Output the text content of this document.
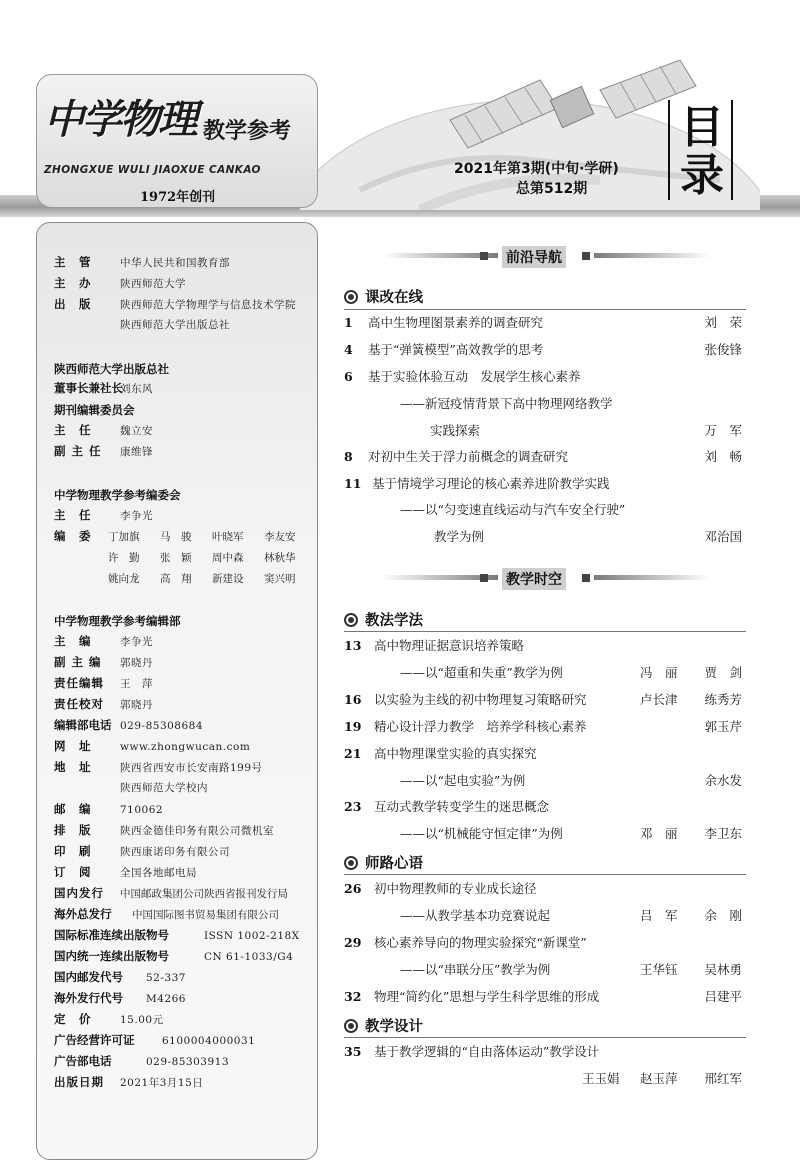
中学物理 教学参考
ZHONGXUE WULI JIAOXUE CANKAO
1972年创刊
2021年第3期(中旬·学研)
总第512期
目
录
主　管	中华人民共和国教育部
主　办	陕西师范大学
出　版	陕西师范大学物理学与信息技术学院
陕西师范大学出版总社
陕西师范大学出版总社
董事长兼社长刘东风
期刊编辑委员会
主　任	魏立安
副 主 任 康维锋
中学物理教学参考编委会
主　任	李争光
编　委	丁加旗 马　骏 叶晓军 李友安
许　勤 张　颖 周中森 林秋华
姚向龙 高　翔 新建设 窦兴明
中学物理教学参考编辑部
主　编	李争光
副 主 编 郭晓丹
责任编辑 王　萍
责任校对 郭晓丹
编辑部电话 029-85308684
网　址	www.zhongwucan.com
地　址	陕西省西安市长安南路199号
陕西师范大学校内
邮　编	710062
排　版	陕西金德佳印务有限公司微机室
印　刷	陕西康诺印务有限公司
订　阅	全国各地邮电局
国内发行 中国邮政集团公司陕西省报刊发行局
海外总发行 中国国际图书贸易集团有限公司
国际标准连续出版物号	ISSN 1002-218X
国内统一连续出版物号	CN 61-1033/G4
国内邮发代号 52-337
海外发行代号 M4266
定　价	15.00元
广告经营许可证	6100004000031
广告部电话	029-85303913
出版日期 2021年3月15日
前沿导航
课改在线
1 高中生物理图景素养的调查研究	刘　荣
4 基于“弹簧模型”高效教学的思考	张俊锋
6 基于实验体验互动　发展学生核心素养
——新冠疫情背景下高中物理网络教学
实践探索	万　军
8 对初中生关于浮力前概念的调查研究	刘　畅
11 基于情境学习理论的核心素养进阶教学实践
——以“匀变速直线运动与汽车安全行驶”
教学为例	邓治国
教学时空
教法学法
13 高中物理证据意识培养策略
——以“超重和失重”教学为例	冯　丽 贾　剑
16 以实验为主线的初中物理复习策略研究	卢长津 练秀芳
19 精心设计浮力教学　培养学科核心素养	郭玉芹
21 高中物理课堂实验的真实探究
——以“起电实验”为例	余水发
23 互动式教学转变学生的迷思概念
——以“机械能守恒定律”为例	邓　丽 李卫东
师路心语
26 初中物理教师的专业成长途径
——从教学基本功竞赛说起	吕　军 余　刚
29 核心素养导向的物理实验探究“新课堂”
——以“串联分压”教学为例	王华钰 吴林勇
32 物理“简约化”思想与学生科学思维的形成	吕建平
教学设计
35 基于教学逻辑的“自由落体运动”教学设计
王玉娟 赵玉萍 邢红军
